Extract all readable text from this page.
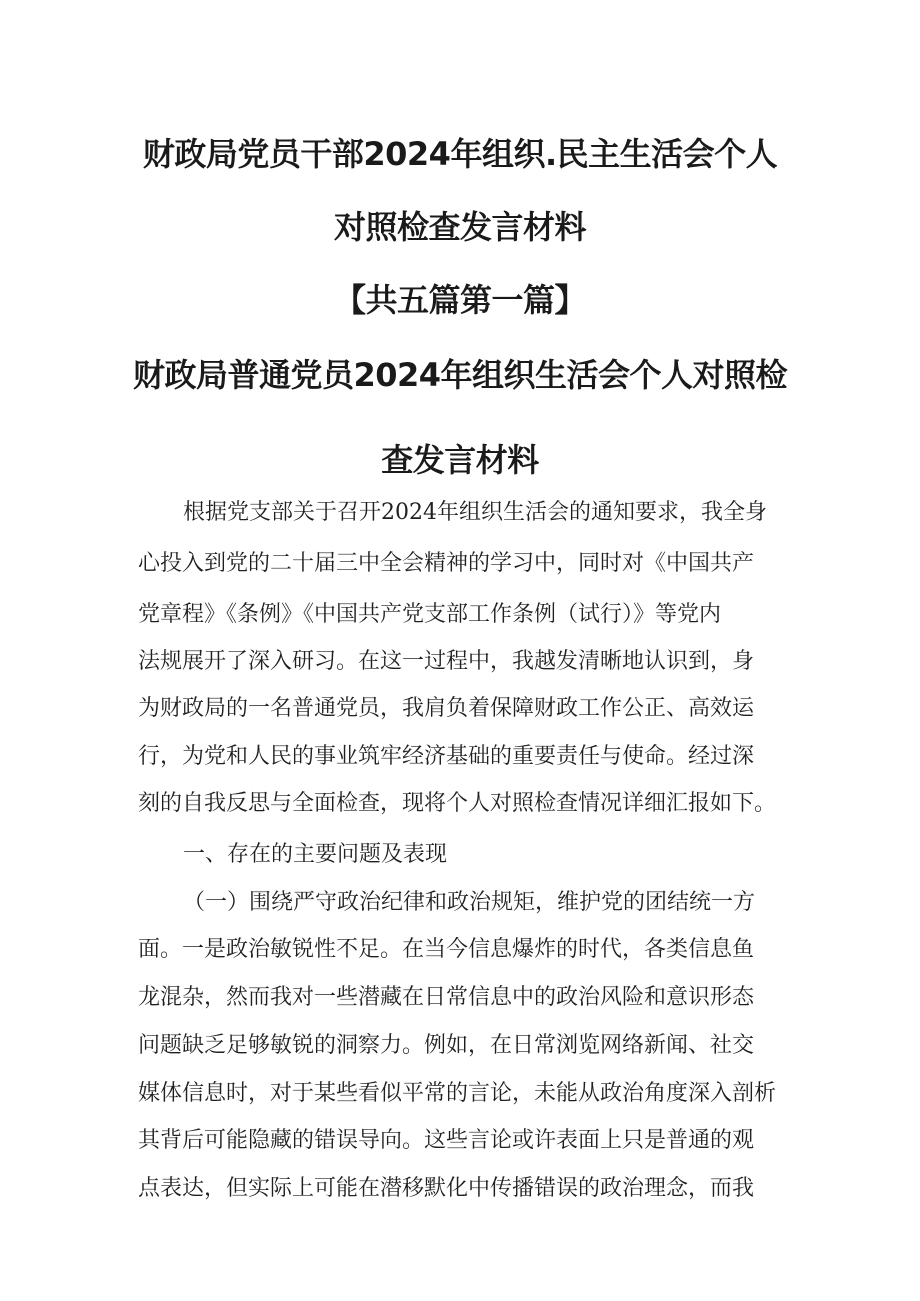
财政局党员干部2024年组织.民主生活会个人
对照检查发言材料
【共五篇第一篇】
财政局普通党员2024年组织生活会个人对照检
查发言材料
根据党支部关于召开2024年组织生活会的通知要求，我全身
心投入到党的二十届三中全会精神的学习中，同时对《中国共产
党章程》《条例》《中国共产党支部工作条例（试行）》等党内
法规展开了深入研习。在这一过程中，我越发清晰地认识到，身
为财政局的一名普通党员，我肩负着保障财政工作公正、高效运
行，为党和人民的事业筑牢经济基础的重要责任与使命。经过深
刻的自我反思与全面检查，现将个人对照检查情况详细汇报如下。
一、存在的主要问题及表现
（一）围绕严守政治纪律和政治规矩，维护党的团结统一方
面。一是政治敏锐性不足。在当今信息爆炸的时代，各类信息鱼
龙混杂，然而我对一些潜藏在日常信息中的政治风险和意识形态
问题缺乏足够敏锐的洞察力。例如，在日常浏览网络新闻、社交
媒体信息时，对于某些看似平常的言论，未能从政治角度深入剖析
其背后可能隐藏的错误导向。这些言论或许表面上只是普通的观
点表达，但实际上可能在潜移默化中传播错误的政治理念，而我
